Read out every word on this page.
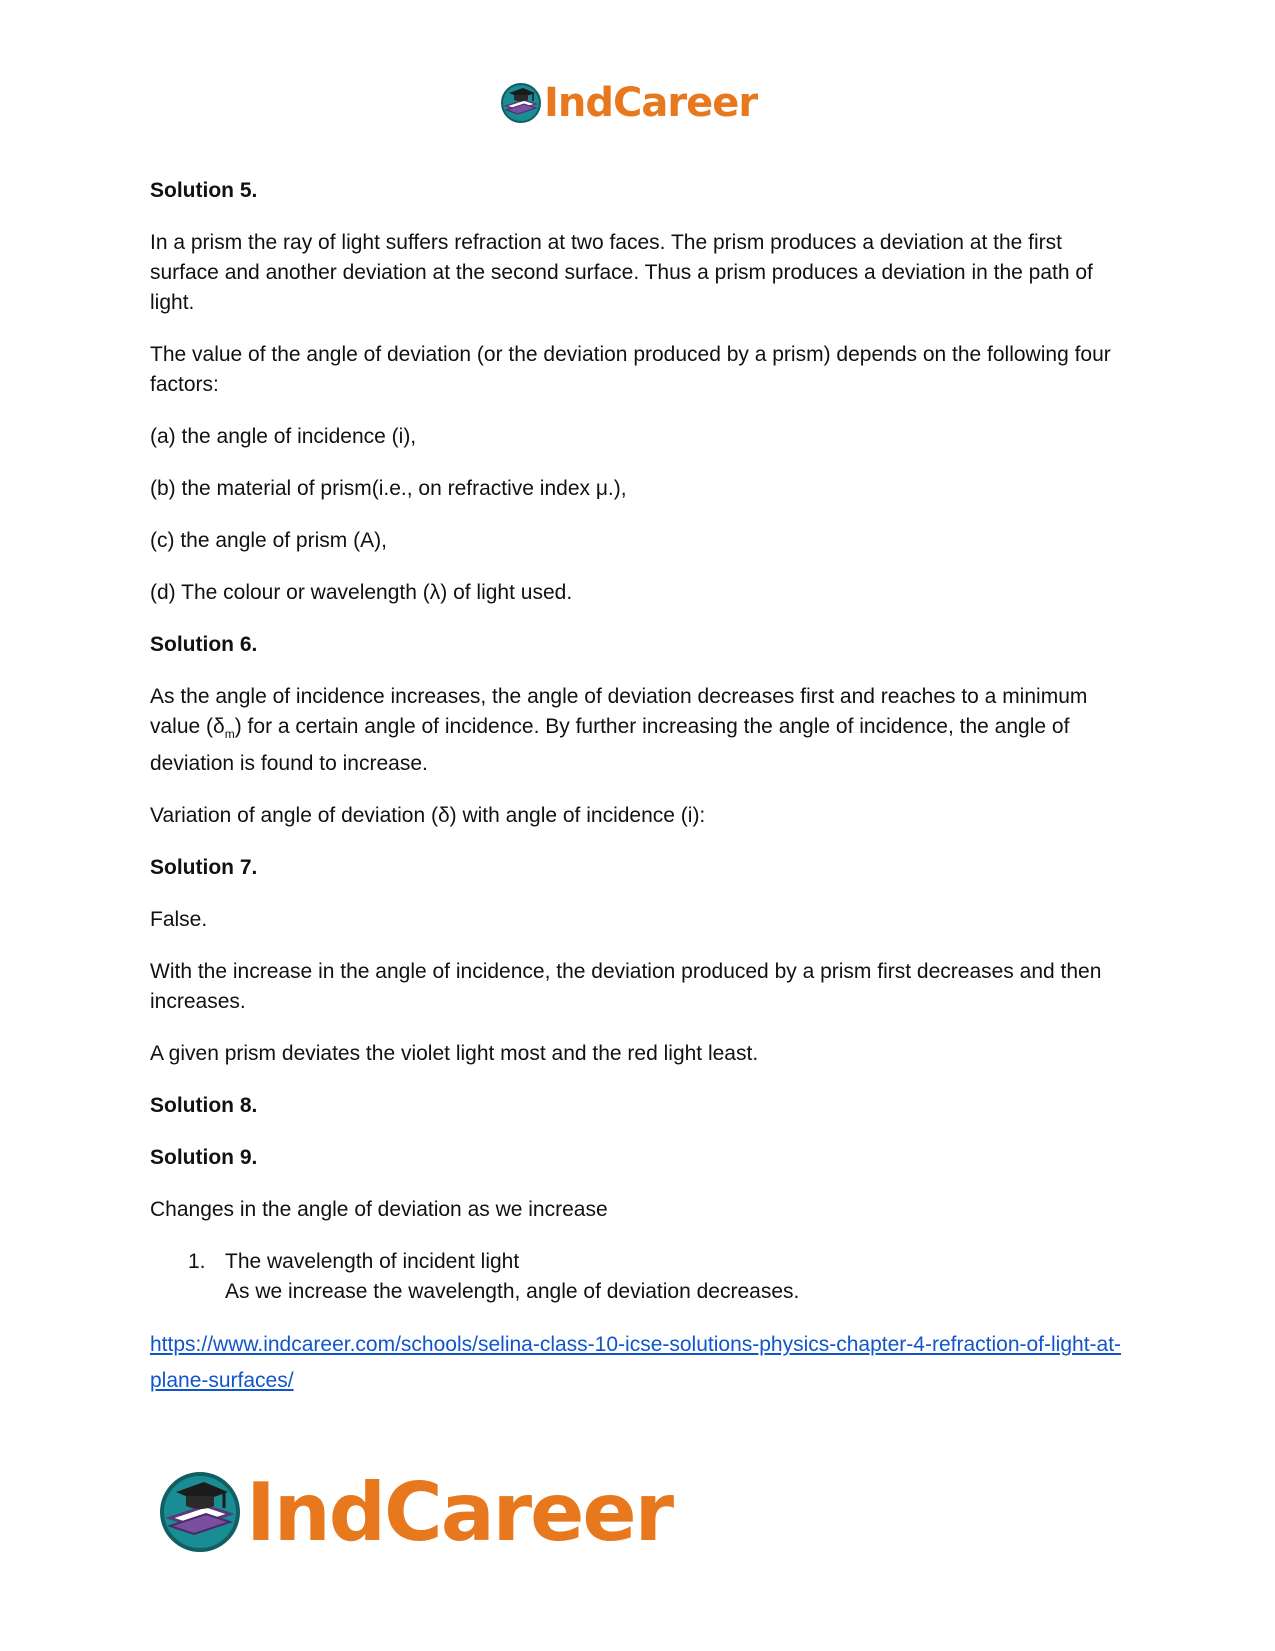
IndCareer

Solution 5.

In a prism the ray of light suffers refraction at two faces. The prism produces a deviation at the first surface and another deviation at the second surface. Thus a prism produces a deviation in the path of light.

The value of the angle of deviation (or the deviation produced by a prism) depends on the following four factors:

(a) the angle of incidence (i),

(b) the material of prism(i.e., on refractive index μ.),

(c) the angle of prism (A),

(d) The colour or wavelength (λ) of light used.

Solution 6.

As the angle of incidence increases, the angle of deviation decreases first and reaches to a minimum value $(\delta_m)$ for a certain angle of incidence. By further increasing the angle of incidence, the angle of deviation is found to increase.

Variation of angle of deviation (δ) with angle of incidence (i):

Solution 7.

False.

With the increase in the angle of incidence, the deviation produced by a prism first decreases and then increases.

A given prism deviates the violet light most and the red light least.

Solution 8.

Solution 9.

Changes in the angle of deviation as we increase

1. The wavelength of incident light
As we increase the wavelength, angle of deviation decreases.
https://www.indcareer.com/schools/selina-class-10-icse-solutions-physics-chapter-4-refraction-of-light-at-plane-surfaces/
IndCareer
